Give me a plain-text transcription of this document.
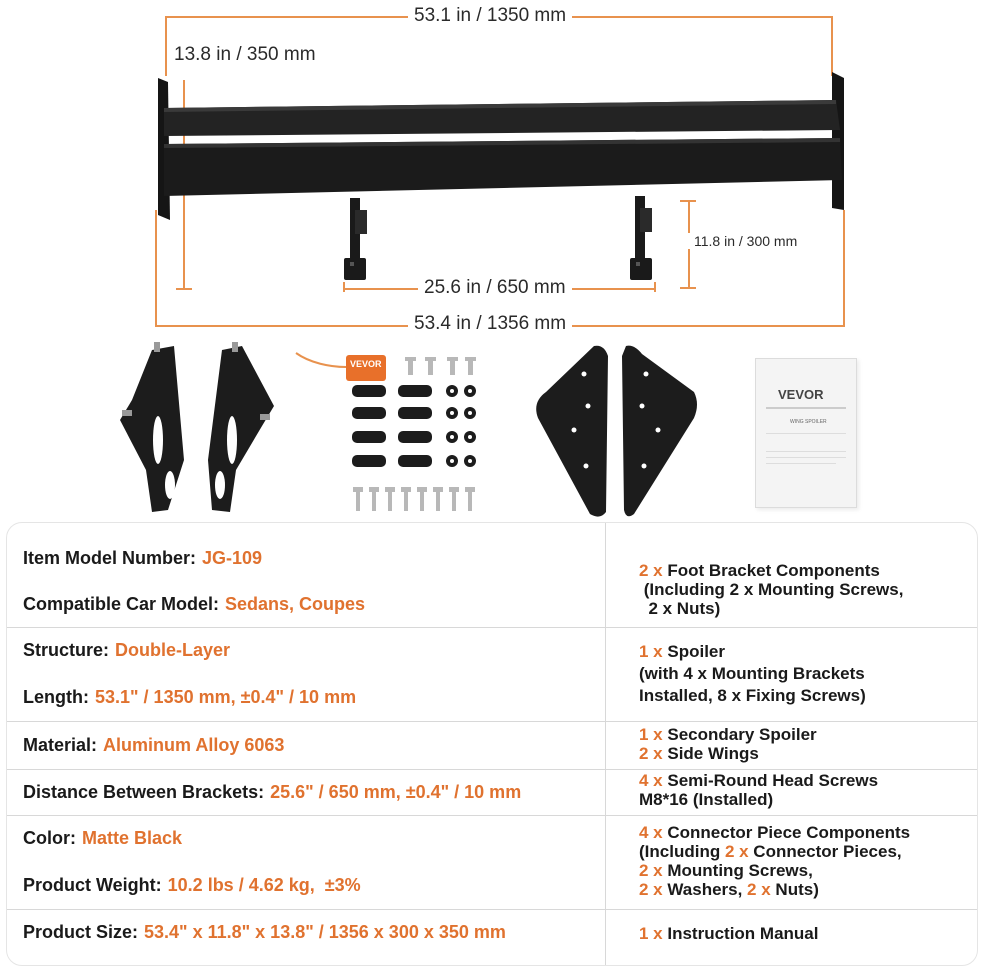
53.1 in / 1350 mm
13.8 in / 350 mm
11.8 in / 300 mm
25.6 in / 650 mm
53.4 in / 1356 mm
VEVOR
VEVOR
WING SPOILER
Item Model Number: JG-109
Compatible Car Model: Sedans, Coupes
Structure: Double-Layer
Length: 53.1" / 1350 mm, ±0.4" / 10 mm
Material: Aluminum Alloy 6063
Distance Between Brackets: 25.6" / 650 mm, ±0.4" / 10 mm
Color: Matte Black
Product Weight: 10.2 lbs / 4.62 kg,  ±3%
Product Size: 53.4" x 11.8" x 13.8" / 1356 x 300 x 350 mm
2 x Foot Bracket Components
(Including 2 x Mounting Screws,
2 x Nuts)
1 x Spoiler
(with 4 x Mounting Brackets
Installed, 8 x Fixing Screws)
1 x Secondary Spoiler
2 x Side Wings
4 x Semi-Round Head Screws
M8*16 (Installed)
4 x Connector Piece Components
(Including 2 x Connector Pieces,
2 x Mounting Screws,
2 x Washers, 2 x Nuts)
1 x Instruction Manual
